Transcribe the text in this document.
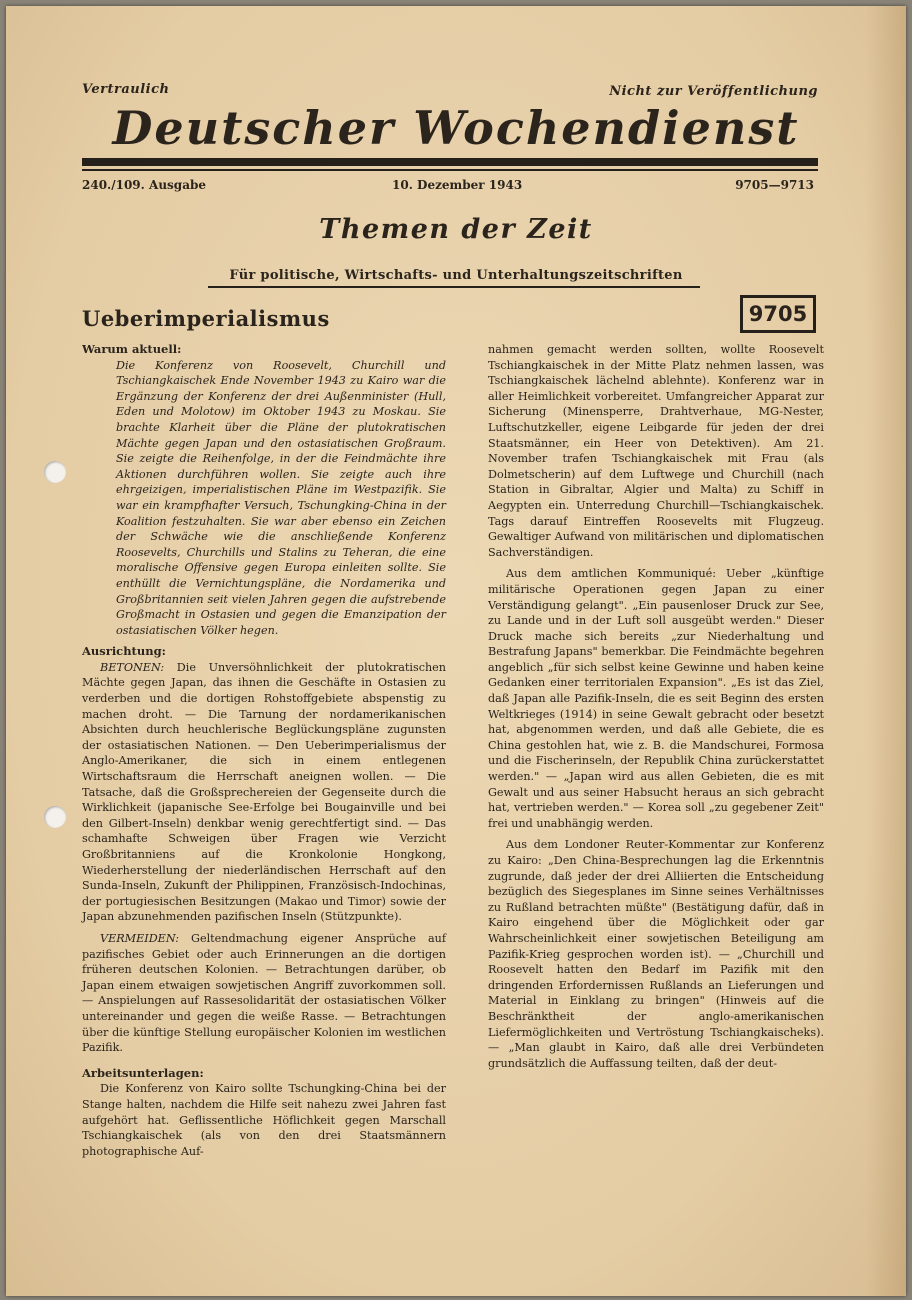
Vertraulich	Nicht zur Veröffentlichung
Deutscher Wochendienst
240./109. Ausgabe	10. Dezember 1943	9705—9713
Themen der Zeit
Für politische, Wirtschafts- und Unterhaltungszeitschriften
Ueberimperialismus	9705

Warum aktuell:

Die Konferenz von Roosevelt, Churchill und Tschiangkaischek Ende November 1943 zu Kairo war die Ergänzung der Konferenz der drei Außenminister (Hull, Eden und Molotow) im Oktober 1943 zu Moskau. Sie brachte Klarheit über die Pläne der plutokratischen Mächte gegen Japan und den ostasiatischen Großraum. Sie zeigte die Reihenfolge, in der die Feindmächte ihre Aktionen durchführen wollen. Sie zeigte auch ihre ehrgeizigen, imperialistischen Pläne im Westpazifik. Sie war ein krampfhafter Versuch, Tschungking-China in der Koalition festzuhalten. Sie war aber ebenso ein Zeichen der Schwäche wie die anschließende Konferenz Roosevelts, Churchills und Stalins zu Teheran, die eine moralische Offensive gegen Europa einleiten sollte. Sie enthüllt die Vernichtungspläne, die Nordamerika und Großbritannien seit vielen Jahren gegen die aufstrebende Großmacht in Ostasien und gegen die Emanzipation der ostasiatischen Völker hegen.

Ausrichtung:

BETONEN: Die Unversöhnlichkeit der plutokratischen Mächte gegen Japan, das ihnen die Geschäfte in Ostasien zu verderben und die dortigen Rohstoffgebiete abspenstig zu machen droht. — Die Tarnung der nordamerikanischen Absichten durch heuchlerische Beglückungspläne zugunsten der ostasiatischen Nationen. — Den Ueberimperialismus der Anglo-Amerikaner, die sich in einem entlegenen Wirtschaftsraum die Herrschaft aneignen wollen. — Die Tatsache, daß die Großsprechereien der Gegenseite durch die Wirklichkeit (japanische See-Erfolge bei Bougainville und bei den Gilbert-Inseln) denkbar wenig gerechtfertigt sind. — Das schamhafte Schweigen über Fragen wie Verzicht Großbritanniens auf die Kronkolonie Hongkong, Wiederherstellung der niederländischen Herrschaft auf den Sunda-Inseln, Zukunft der Philippinen, Französisch-Indochinas, der portugiesischen Besitzungen (Makao und Timor) sowie der Japan abzunehmenden pazifischen Inseln (Stützpunkte).

VERMEIDEN: Geltendmachung eigener Ansprüche auf pazifisches Gebiet oder auch Erinnerungen an die dortigen früheren deutschen Kolonien. — Betrachtungen darüber, ob Japan einem etwaigen sowjetischen Angriff zuvorkommen soll. — Anspielungen auf Rassesolidarität der ostasiatischen Völker untereinander und gegen die weiße Rasse. — Betrachtungen über die künftige Stellung europäischer Kolonien im westlichen Pazifik.

Arbeitsunterlagen:

Die Konferenz von Kairo sollte Tschungking-China bei der Stange halten, nachdem die Hilfe seit nahezu zwei Jahren fast aufgehört hat. Geflissentliche Höflichkeit gegen Marschall Tschiangkaischek (als von den drei Staatsmännern photographische Auf-

nahmen gemacht werden sollten, wollte Roosevelt Tschiangkaischek in der Mitte Platz nehmen lassen, was Tschiangkaischek lächelnd ablehnte). Konferenz war in aller Heimlichkeit vorbereitet. Umfangreicher Apparat zur Sicherung (Minensperre, Drahtverhaue, MG-Nester, Luftschutzkeller, eigene Leibgarde für jeden der drei Staatsmänner, ein Heer von Detektiven). Am 21. November trafen Tschiangkaischek mit Frau (als Dolmetscherin) auf dem Luftwege und Churchill (nach Station in Gibraltar, Algier und Malta) zu Schiff in Aegypten ein. Unterredung Churchill—Tschiangkaischek. Tags darauf Eintreffen Roosevelts mit Flugzeug. Gewaltiger Aufwand von militärischen und diplomatischen Sachverständigen.

Aus dem amtlichen Kommuniqué: Ueber „künftige militärische Operationen gegen Japan zu einer Verständigung gelangt". „Ein pausenloser Druck zur See, zu Lande und in der Luft soll ausgeübt werden." Dieser Druck mache sich bereits „zur Niederhaltung und Bestrafung Japans" bemerkbar. Die Feindmächte begehren angeblich „für sich selbst keine Gewinne und haben keine Gedanken einer territorialen Expansion". „Es ist das Ziel, daß Japan alle Pazifik-Inseln, die es seit Beginn des ersten Weltkrieges (1914) in seine Gewalt gebracht oder besetzt hat, abgenommen werden, und daß alle Gebiete, die es China gestohlen hat, wie z. B. die Mandschurei, Formosa und die Fischerinseln, der Republik China zurückerstattet werden." — „Japan wird aus allen Gebieten, die es mit Gewalt und aus seiner Habsucht heraus an sich gebracht hat, vertrieben werden." — Korea soll „zu gegebener Zeit" frei und unabhängig werden.

Aus dem Londoner Reuter-Kommentar zur Konferenz zu Kairo: „Den China-Besprechungen lag die Erkenntnis zugrunde, daß jeder der drei Alliierten die Entscheidung bezüglich des Siegesplanes im Sinne seines Verhältnisses zu Rußland betrachten müßte" (Bestätigung dafür, daß in Kairo eingehend über die Möglichkeit oder gar Wahrscheinlichkeit einer sowjetischen Beteiligung am Pazifik-Krieg gesprochen worden ist). — „Churchill und Roosevelt hatten den Bedarf im Pazifik mit den dringenden Erfordernissen Rußlands an Lieferungen und Material in Einklang zu bringen" (Hinweis auf die Beschränktheit der anglo-amerikanischen Liefermöglichkeiten und Vertröstung Tschiangkaischeks). — „Man glaubt in Kairo, daß alle drei Verbündeten grundsätzlich die Auffassung teilten, daß der deut-
